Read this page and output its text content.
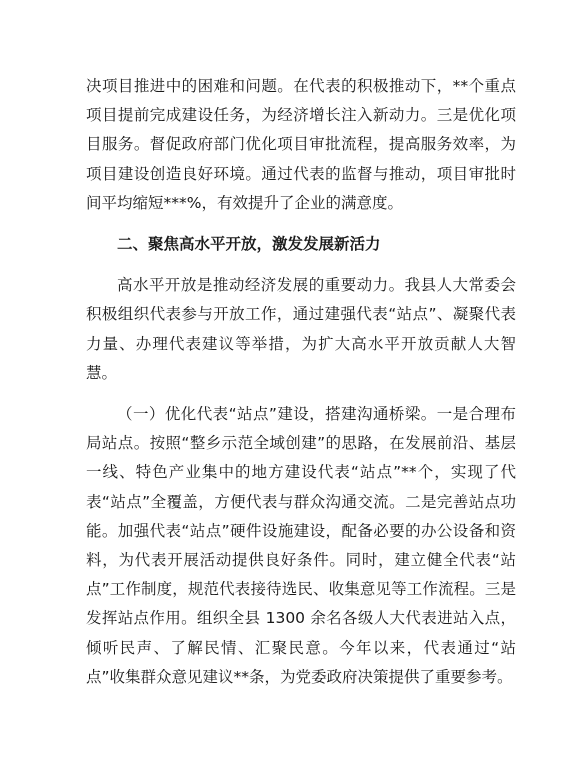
决项目推进中的困难和问题。在代表的积极推动下，**个重点项目提前完成建设任务，为经济增长注入新动力。三是优化项目服务。督促政府部门优化项目审批流程，提高服务效率，为项目建设创造良好环境。通过代表的监督与推动，项目审批时间平均缩短***%，有效提升了企业的满意度。

二、聚焦高水平开放，激发发展新活力

高水平开放是推动经济发展的重要动力。我县人大常委会积极组织代表参与开放工作，通过建强代表“站点”、凝聚代表力量、办理代表建议等举措，为扩大高水平开放贡献人大智慧。

（一）优化代表“站点”建设，搭建沟通桥梁。一是合理布局站点。按照“整乡示范全域创建”的思路，在发展前沿、基层一线、特色产业集中的地方建设代表“站点”**个，实现了代表“站点”全覆盖，方便代表与群众沟通交流。二是完善站点功能。加强代表“站点”硬件设施建设，配备必要的办公设备和资料，为代表开展活动提供良好条件。同时，建立健全代表“站点”工作制度，规范代表接待选民、收集意见等工作流程。三是发挥站点作用。组织全县 1300 余名各级人大代表进站入点，倾听民声、了解民情、汇聚民意。今年以来，代表通过“站点”收集群众意见建议**条，为党委政府决策提供了重要参考。
